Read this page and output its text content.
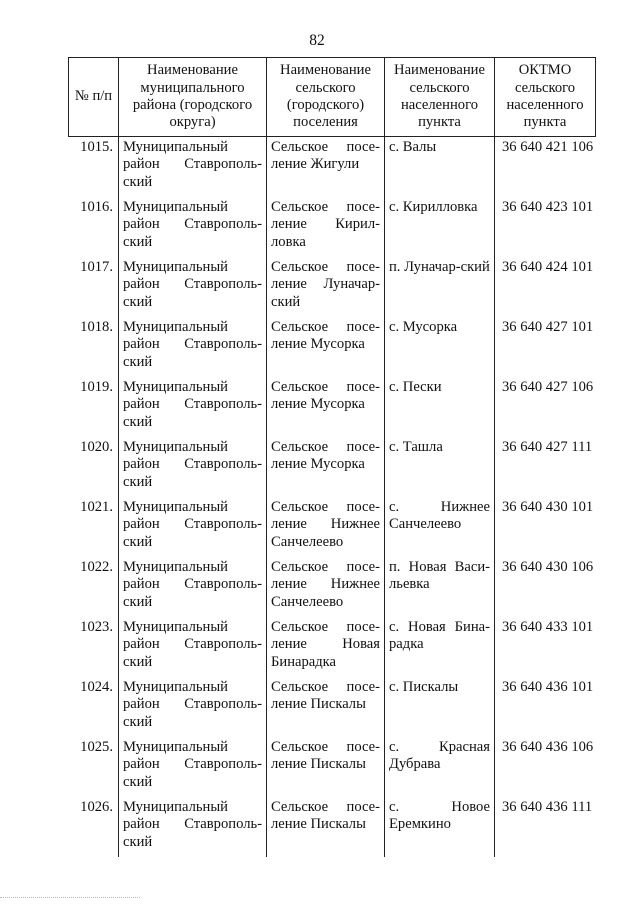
82
№ п/п	Наименование муниципального района (городского округа)	Наименование сельского (городского) поселения	Наименование сельского населенного пункта	ОКТМО сельского населенного пункта
1015.	Муниципальный район Ставрополь-ский	Сельское посе-ление Жигули	с. Валы	36 640 421 106
1016.	Муниципальный район Ставрополь-ский	Сельское посе-ление Кирил-ловка	с. Кирилловка	36 640 423 101
1017.	Муниципальный район Ставрополь-ский	Сельское посе-ление Луначар-ский	п. Луначар-ский	36 640 424 101
1018.	Муниципальный район Ставрополь-ский	Сельское посе-ление Мусорка	с. Мусорка	36 640 427 101
1019.	Муниципальный район Ставрополь-ский	Сельское посе-ление Мусорка	с. Пески	36 640 427 106
1020.	Муниципальный район Ставрополь-ский	Сельское посе-ление Мусорка	с. Ташла	36 640 427 111
1021.	Муниципальный район Ставрополь-ский	Сельское посе-ление Нижнее Санчелеево	с. Нижнее Санчелеево	36 640 430 101
1022.	Муниципальный район Ставрополь-ский	Сельское посе-ление Нижнее Санчелеево	п. Новая Васи-льевка	36 640 430 106
1023.	Муниципальный район Ставрополь-ский	Сельское посе-ление Новая Бинарадка	с. Новая Бина-радка	36 640 433 101
1024.	Муниципальный район Ставрополь-ский	Сельское посе-ление Пискалы	с. Пискалы	36 640 436 101
1025.	Муниципальный район Ставрополь-ский	Сельское посе-ление Пискалы	с. Красная Дубрава	36 640 436 106
1026.	Муниципальный район Ставрополь-ский	Сельское посе-ление Пискалы	с. Новое Еремкино	36 640 436 111
